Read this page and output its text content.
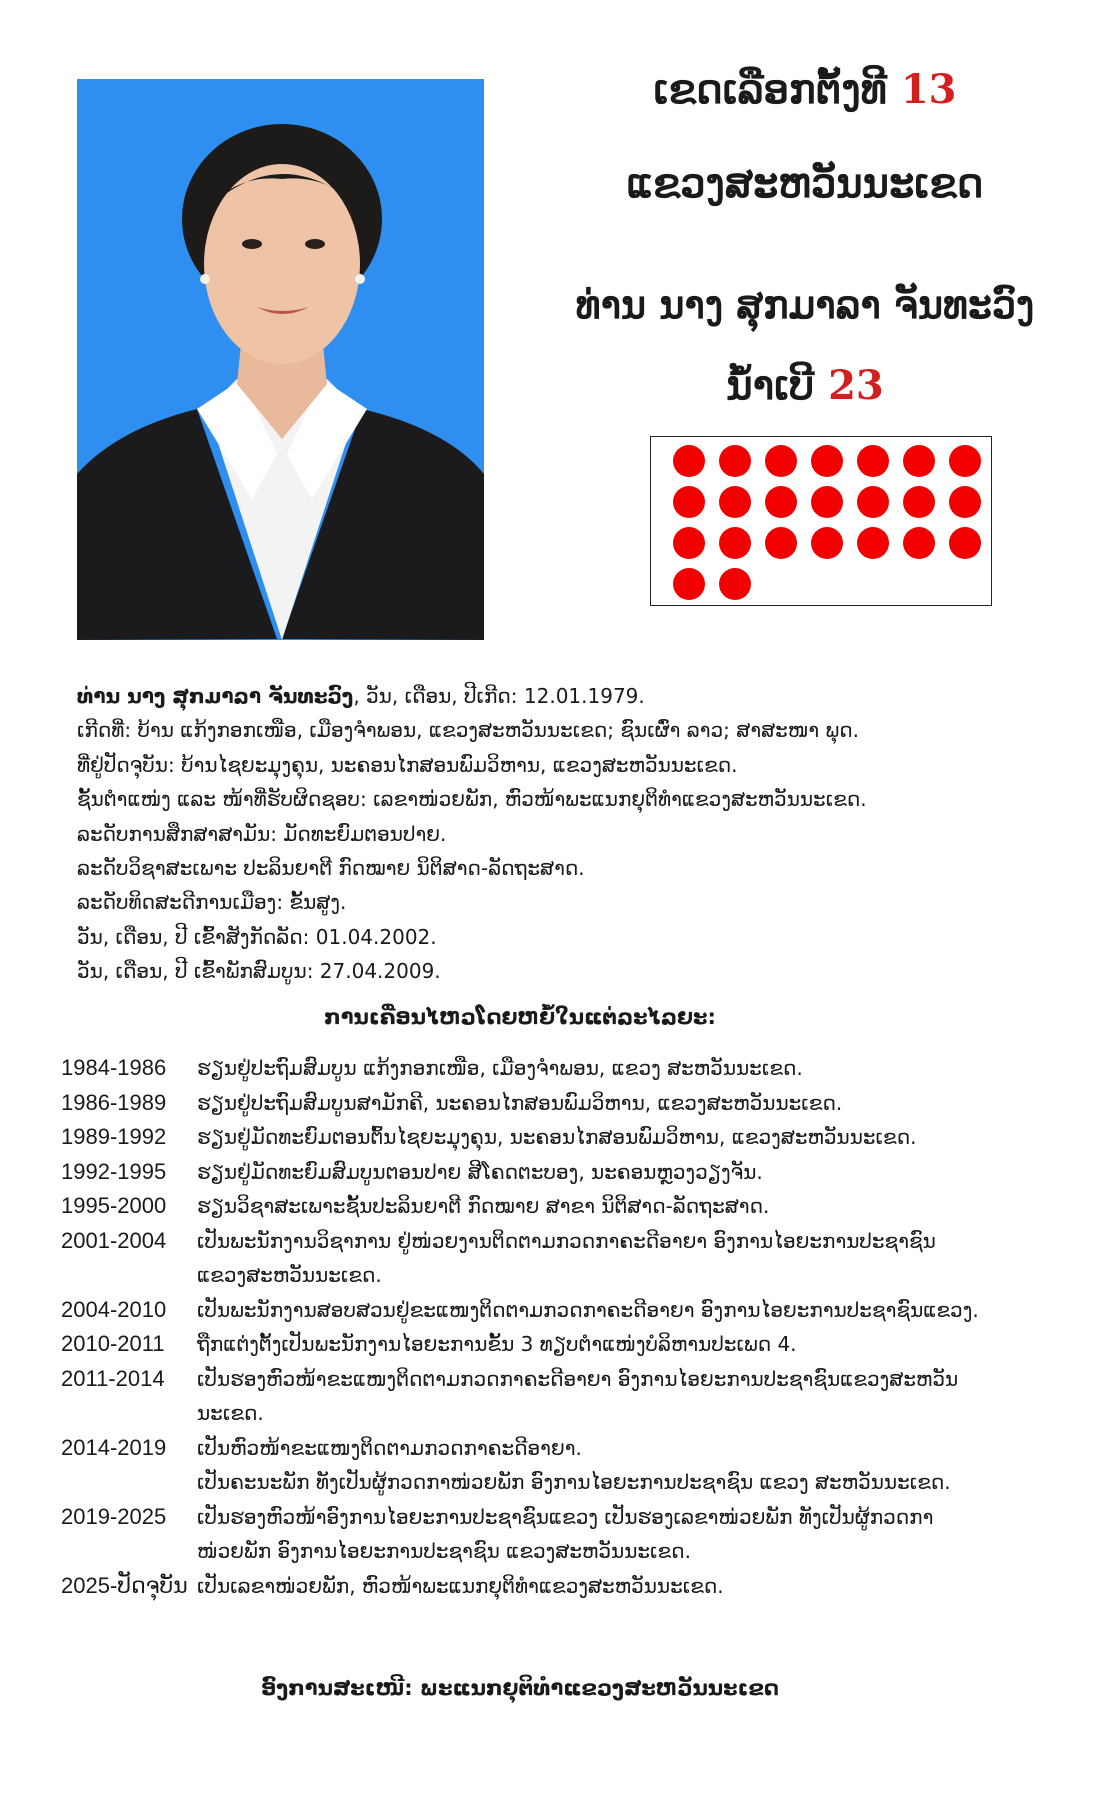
ເຂດເລືອກຕັ້ງທີ 13
ແຂວງສະຫວັນນະເຂດ
ທ່ານ ນາງ ສຸກມາລາ ຈັນທະວົງ
ນ້ຳເບີ 23
ທ່ານ ນາງ ສຸກມາລາ ຈັນທະວົງ, ວັນ, ເດືອນ, ປີເກີດ: 12.01.1979.
ເກີດທີ່: ບ້ານ ແກ້ງກອກເໜືອ, ເມືອງຈຳພອນ, ແຂວງສະຫວັນນະເຂດ; ຊົນເຜົ່າ ລາວ; ສາສະໜາ ພຸດ.
ທີ່ຢູ່ປັດຈຸບັນ: ບ້ານໄຊຍະມຸງຄຸນ, ນະຄອນໄກສອນພົມວິຫານ, ແຂວງສະຫວັນນະເຂດ.
ຊັ້ນຕຳແໜ່ງ ແລະ ໜ້າທີ່ຮັບຜິດຊອບ: ເລຂາໜ່ວຍພັກ, ຫົວໜ້າພະແນກຍຸຕິທຳແຂວງສະຫວັນນະເຂດ.
ລະດັບການສຶກສາສາມັນ: ມັດທະຍົມຕອນປາຍ.
ລະດັບວິຊາສະເພາະ ປະລິນຍາຕີ ກົດໝາຍ ນິຕິສາດ-ລັດຖະສາດ.
ລະດັບທິດສະດີການເມືອງ: ຂັ້ນສູງ.
ວັນ, ເດືອນ, ປີ ເຂົ້າສັງກັດລັດ: 01.04.2002.
ວັນ, ເດືອນ, ປີ ເຂົ້າພັກສົມບູນ: 27.04.2009.
ການເຄື່ອນໄຫວໂດຍຫຍໍ້ໃນແຕ່ລະໄລຍະ:
1984-1986	ຮຽນຢູ່ປະຖົມສົມບູນ ແກ້ງກອກເໜືອ, ເມືອງຈຳພອນ, ແຂວງ ສະຫວັນນະເຂດ.
1986-1989	ຮຽນຢູ່ປະຖົມສົມບູນສາມັກຄີ, ນະຄອນໄກສອນພົມວິຫານ, ແຂວງສະຫວັນນະເຂດ.
1989-1992	ຮຽນຢູ່ມັດທະຍົມຕອນຕົ້ນໄຊຍະມຸງຄຸນ, ນະຄອນໄກສອນພົມວິຫານ, ແຂວງສະຫວັນນະເຂດ.
1992-1995	ຮຽນຢູ່ມັດທະຍົມສົມບູນຕອນປາຍ ສີໂຄດຕະບອງ, ນະຄອນຫຼວງວຽງຈັນ.
1995-2000	ຮຽນວິຊາສະເພາະຊັ້ນປະລິນຍາຕີ ກົດໝາຍ ສາຂາ ນິຕິສາດ-ລັດຖະສາດ.
2001-2004	ເປັນພະນັກງານວິຊາການ ຢູ່ໜ່ວຍງານຕິດຕາມກວດກາຄະດີອາຍາ ອົງການໄອຍະການປະຊາຊົນ
ແຂວງສະຫວັນນະເຂດ.
2004-2010	ເປັນພະນັກງານສອບສວນຢູ່ຂະແໜງຕິດຕາມກວດກາຄະດີອາຍາ ອົງການໄອຍະການປະຊາຊົນແຂວງ.
2010-2011	ຖືກແຕ່ງຕັ້ງເປັນພະນັກງານໄອຍະການຂັ້ນ 3 ທຽບຕຳແໜ່ງບໍລິຫານປະເພດ 4.
2011-2014	ເປັນຮອງຫົວໜ້າຂະແໜງຕິດຕາມກວດກາຄະດີອາຍາ ອົງການໄອຍະການປະຊາຊົນແຂວງສະຫວັນ
ນະເຂດ.
2014-2019	ເປັນຫົວໜ້າຂະແໜງຕິດຕາມກວດກາຄະດີອາຍາ.
ເປັນຄະນະພັກ ທັງເປັນຜູ້ກວດກາໜ່ວຍພັກ ອົງການໄອຍະການປະຊາຊົນ ແຂວງ ສະຫວັນນະເຂດ.
2019-2025	ເປັນຮອງຫົວໜ້າອົງການໄອຍະການປະຊາຊົນແຂວງ ເປັນຮອງເລຂາໜ່ວຍພັກ ທັງເປັນຜູ້ກວດກາ
ໜ່ວຍພັກ ອົງການໄອຍະການປະຊາຊົນ ແຂວງສະຫວັນນະເຂດ.
2025-ປັດຈຸບັນ ເປັນເລຂາໜ່ວຍພັກ, ຫົວໜ້າພະແນກຍຸຕິທຳແຂວງສະຫວັນນະເຂດ.
ອົງການສະເໜີ: ພະແນກຍຸຕິທຳແຂວງສະຫວັນນະເຂດ
